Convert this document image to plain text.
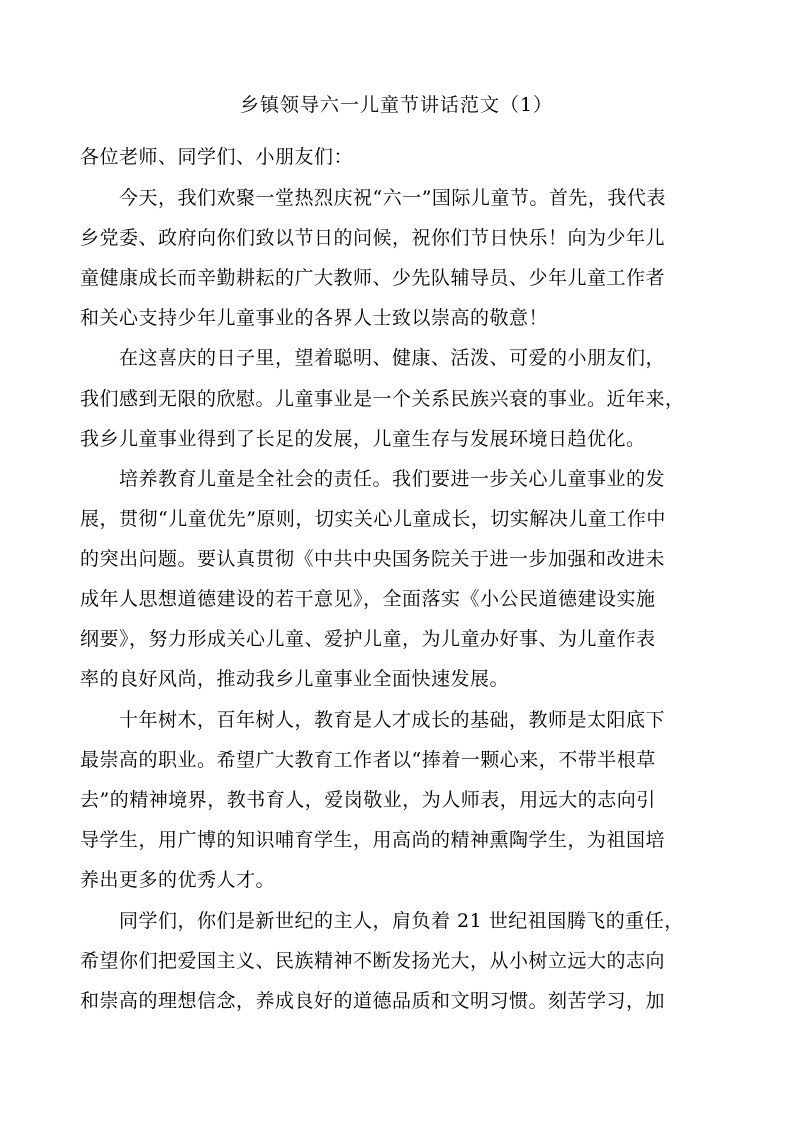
乡镇领导六一儿童节讲话范文（1）
各位老师、同学们、小朋友们：
今天，我们欢聚一堂热烈庆祝“六一”国际儿童节。首先，我代表
乡党委、政府向你们致以节日的问候，祝你们节日快乐！向为少年儿
童健康成长而辛勤耕耘的广大教师、少先队辅导员、少年儿童工作者
和关心支持少年儿童事业的各界人士致以崇高的敬意！
在这喜庆的日子里，望着聪明、健康、活泼、可爱的小朋友们，
我们感到无限的欣慰。儿童事业是一个关系民族兴衰的事业。近年来，
我乡儿童事业得到了长足的发展，儿童生存与发展环境日趋优化。
培养教育儿童是全社会的责任。我们要进一步关心儿童事业的发
展，贯彻“儿童优先”原则，切实关心儿童成长，切实解决儿童工作中
的突出问题。要认真贯彻《中共中央国务院关于进一步加强和改进未
成年人思想道德建设的若干意见》，全面落实《小公民道德建设实施
纲要》，努力形成关心儿童、爱护儿童，为儿童办好事、为儿童作表
率的良好风尚，推动我乡儿童事业全面快速发展。
十年树木，百年树人，教育是人才成长的基础，教师是太阳底下
最崇高的职业。希望广大教育工作者以“捧着一颗心来，不带半根草
去”的精神境界，教书育人，爱岗敬业，为人师表，用远大的志向引
导学生，用广博的知识哺育学生，用高尚的精神熏陶学生，为祖国培
养出更多的优秀人才。
同学们，你们是新世纪的主人，肩负着 21 世纪祖国腾飞的重任，
希望你们把爱国主义、民族精神不断发扬光大，从小树立远大的志向
和崇高的理想信念，养成良好的道德品质和文明习惯。刻苦学习，加
